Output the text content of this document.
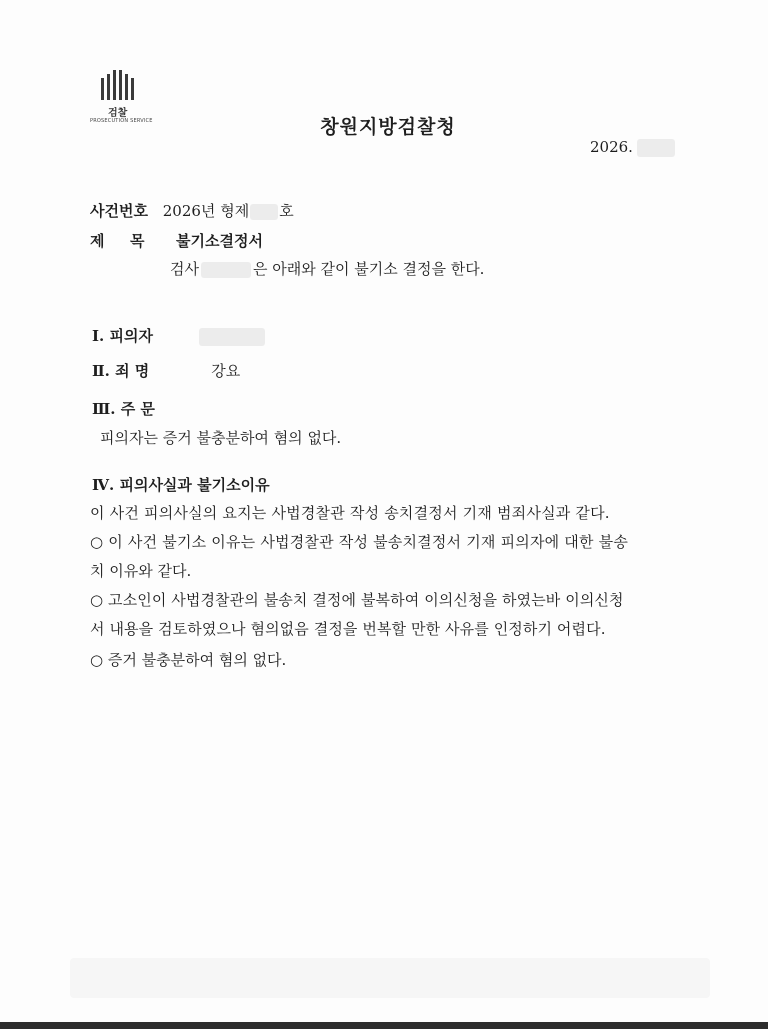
검찰
PROSECUTION SERVICE	창원지방검찰청
2026.
사건번호 2026년 형제 호
제 목 불기소결정서
검사	은 아래와 같이 불기소 결정을 한다.
Ⅰ. 피의자
Ⅱ. 죄 명	강요
Ⅲ. 주 문
피의자는 증거 불충분하여 혐의 없다.
Ⅳ. 피의사실과 불기소이유
이 사건 피의사실의 요지는 사법경찰관 작성 송치결정서 기재 범죄사실과 같다.
○ 이 사건 불기소 이유는 사법경찰관 작성 불송치결정서 기재 피의자에 대한 불송
치 이유와 같다.
○ 고소인이 사법경찰관의 불송치 결정에 불복하여 이의신청을 하였는바 이의신청
서 내용을 검토하였으나 혐의없음 결정을 번복할 만한 사유를 인정하기 어렵다.
○ 증거 불충분하여 혐의 없다.
